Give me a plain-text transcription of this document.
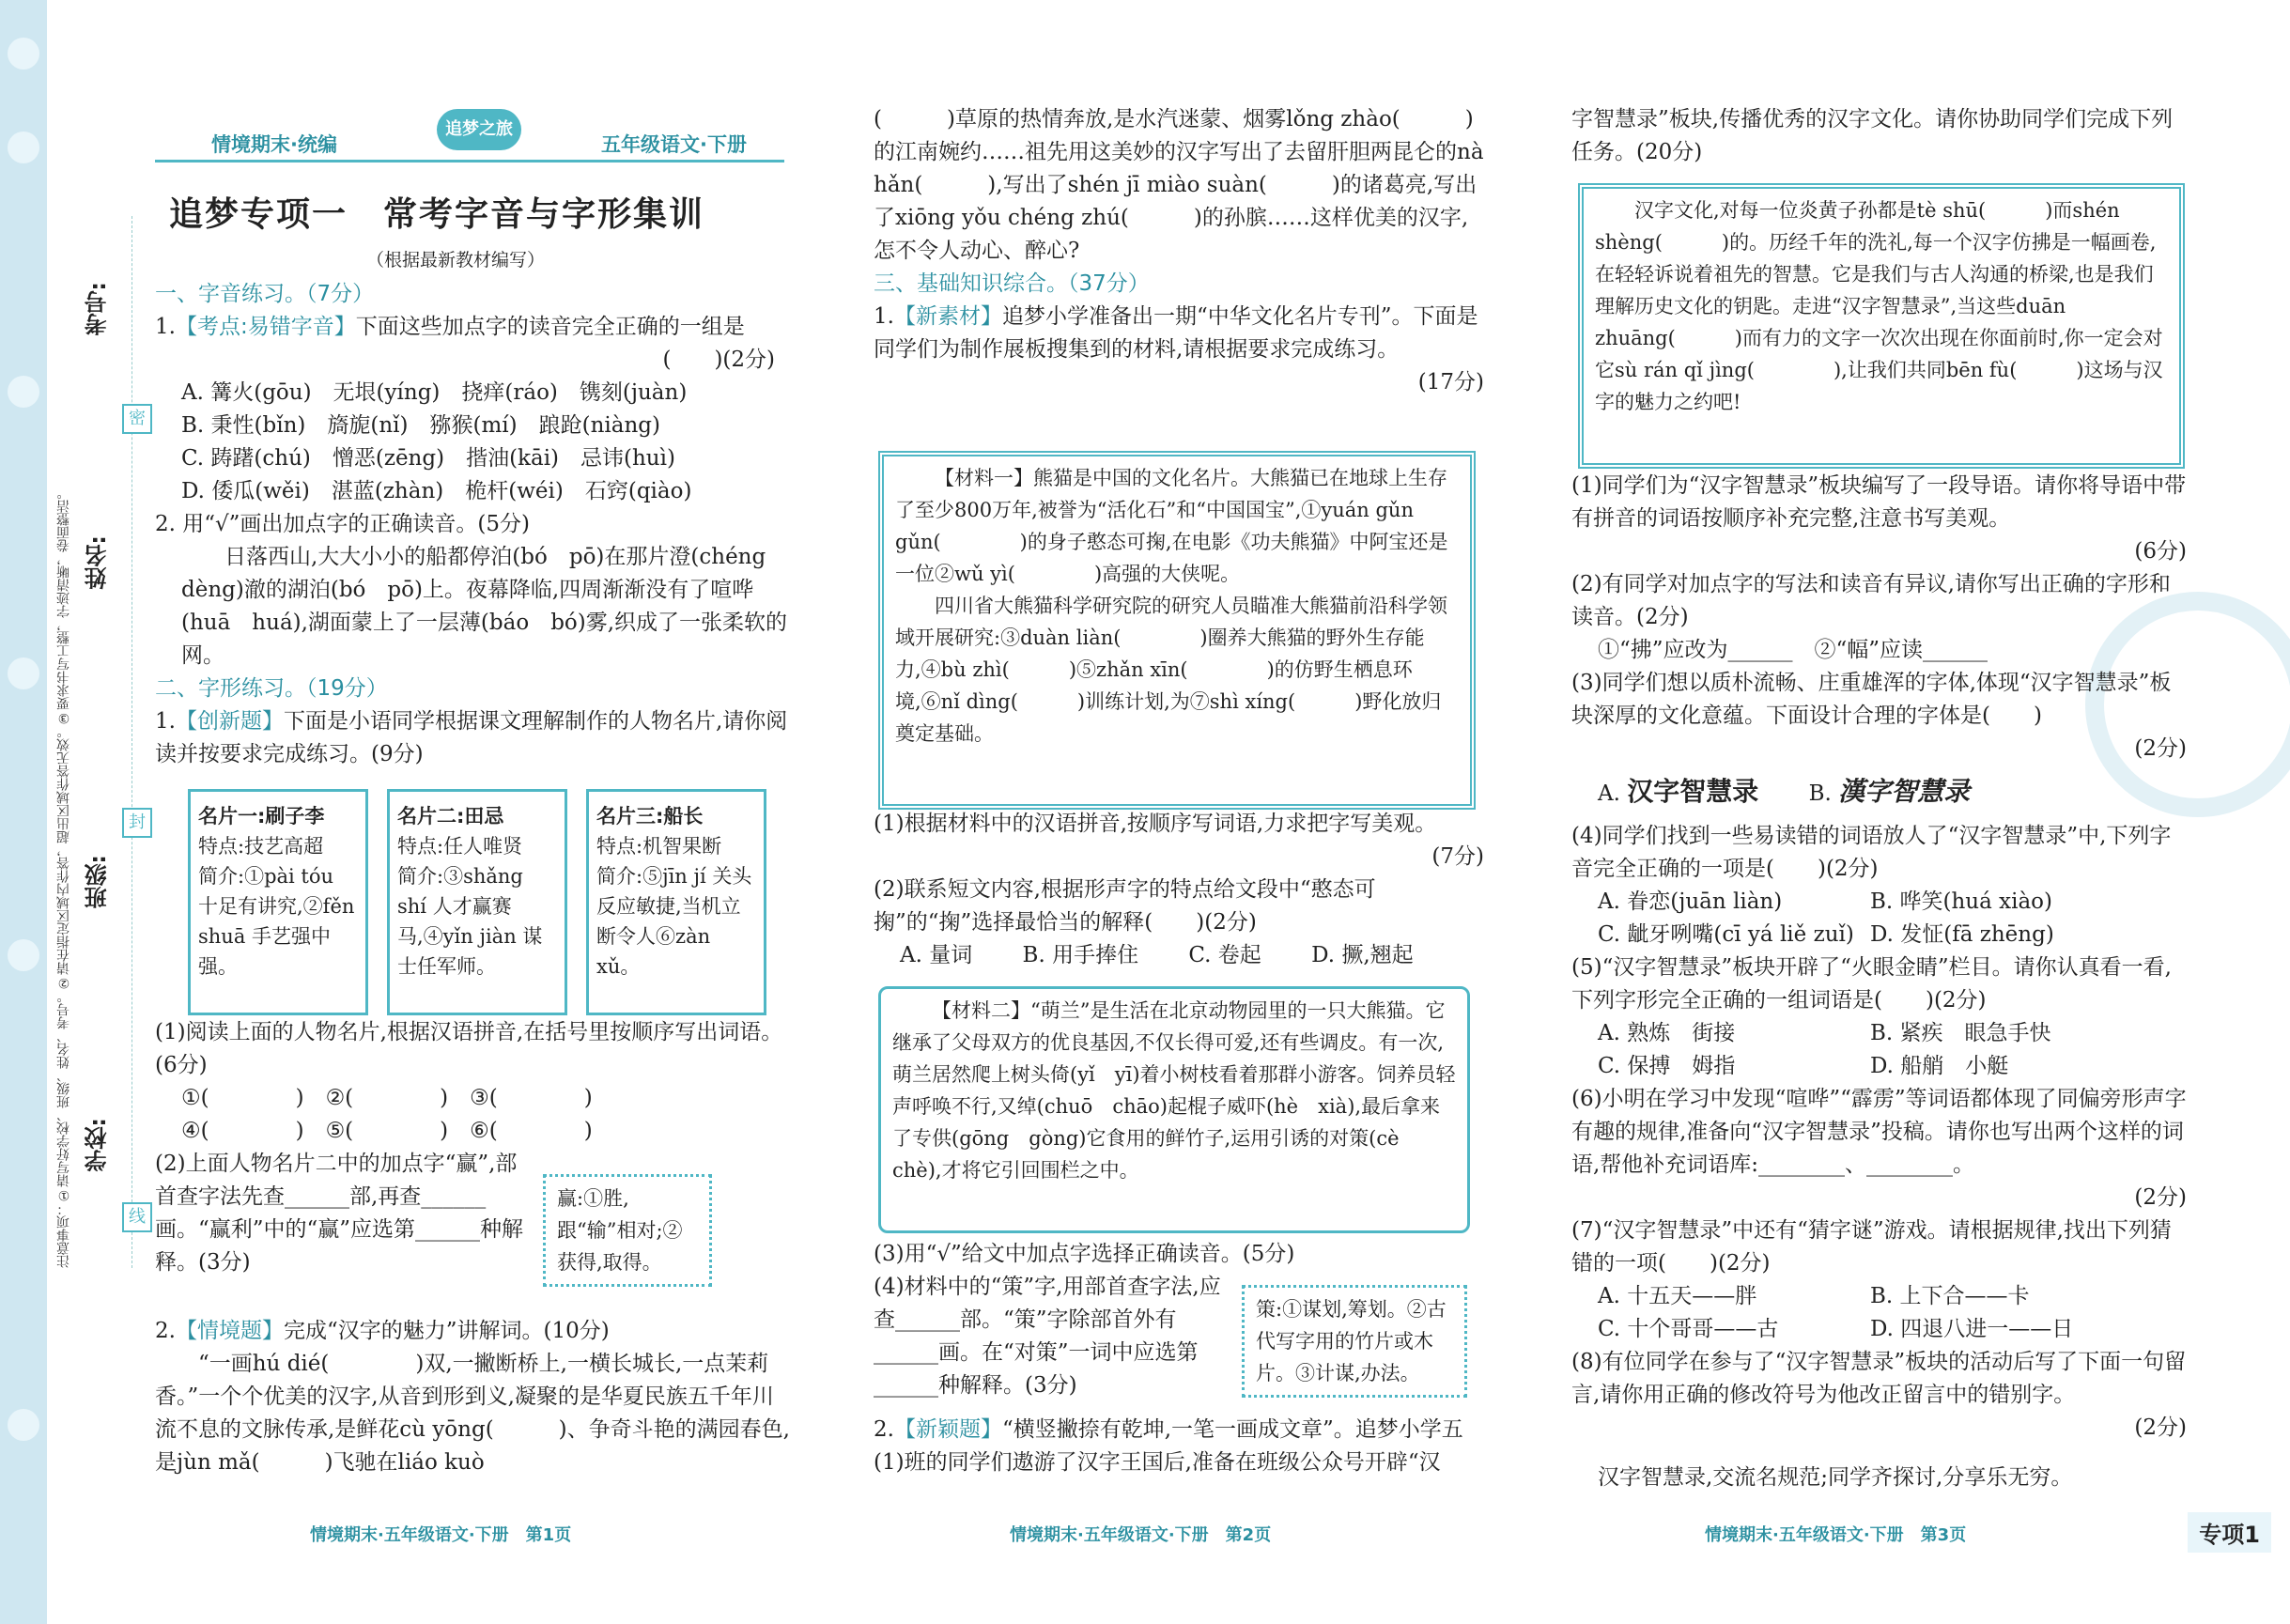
注意事项：①请写好学校、班级、姓名、考号。②请在指定区域内作答，超出区域作答无效。③要求书写工整，字迹清晰，卷面整洁。 学校:
班级:
姓名:
考号:
密
封
线
情境期末·统编
追梦之旅
五年级语文·下册
追梦专项一　常考字音与字形集训
（根据最新教材编写）

一、字音练习。（7分）

1.【考点:易错字音】下面这些加点字的读音完全正确的一组是

(　　)(2分)

A. 篝火(gōu)　无垠(yíng)　挠痒(ráo)　镌刻(juàn)

B. 秉性(bǐn)　旖旎(nǐ)　猕猴(mí)　踉跄(niàng)

C. 踌躇(chú)　憎恶(zēng)　揩油(kāi)　忌讳(huì)

D. 倭瓜(wěi)　湛蓝(zhàn)　桅杆(wéi)　石窍(qiào)

2. 用“√”画出加点字的正确读音。(5分)

日落西山,大大小小的船都停泊(bó　pō)在那片澄(chéng　dèng)澈的湖泊(bó　pō)上。夜幕降临,四周渐渐没有了喧哗(huā　huá),湖面蒙上了一层薄(báo　bó)雾,织成了一张柔软的网。

二、字形练习。（19分）

1.【创新题】下面是小语同学根据课文理解制作的人物名片,请你阅读并按要求完成练习。(9分)

名片一:刷子李
特点:技艺高超
简介:①pài tóu 十足有讲究,②fěn shuā 手艺强中强。
名片二:田忌
特点:任人唯贤
简介:③shǎng shí 人才赢赛马,④yǐn jiàn 谋士任军师。
名片三:船长
特点:机智果断
简介:⑤jīn jí 关头反应敏捷,当机立断令人⑥zàn xǔ。

(1)阅读上面的人物名片,根据汉语拼音,在括号里按顺序写出词语。(6分)

①(　　　　)　②(　　　　)　③(　　　　)

④(　　　　)　⑤(　　　　)　⑥(　　　　)

(2)上面人物名片二中的加点字“赢”,部首查字法先查______部,再查______画。“赢利”中的“赢”应选第______种解释。(3分)

赢:①胜,跟“输”相对;②获得,取得。

2.【情境题】完成“汉字的魅力”讲解词。(10分)

“一画hú dié(　　　　)双,一撇断桥上,一横长城长,一点茉莉香。”一个个优美的汉字,从音到形到义,凝聚的是华夏民族五千年川流不息的文脉传承,是鲜花cù yōng(　　　)、争奇斗艳的满园春色,是jùn mǎ(　　　)飞驰在liáo kuò

(　　　)草原的热情奔放,是水汽迷蒙、烟雾lǒng zhào(　　　)的江南婉约……祖先用这美妙的汉字写出了去留肝胆两昆仑的nà hǎn(　　　),写出了shén jī miào suàn(　　　)的诸葛亮,写出了xiōng yǒu chéng zhú(　　　)的孙膑……这样优美的汉字,怎不令人动心、醉心?

三、基础知识综合。（37分）

1.【新素材】追梦小学准备出一期“中华文化名片专刊”。下面是同学们为制作展板搜集到的材料,请根据要求完成练习。

(17分)

【材料一】熊猫是中国的文化名片。大熊猫已在地球上生存了至少800万年,被誉为“活化石”和“中国国宝”,①yuán gǔn gǔn(　　　　)的身子憨态可掬,在电影《功夫熊猫》中阿宝还是一位②wǔ yì(　　　　)高强的大侠呢。

四川省大熊猫科学研究院的研究人员瞄准大熊猫前沿科学领域开展研究:③duàn liàn(　　　　)圈养大熊猫的野外生存能力,④bù zhì(　　　)⑤zhǎn xīn(　　　　)的仿野生栖息环境,⑥nǐ dìng(　　　)训练计划,为⑦shì xíng(　　　)野化放归奠定基础。

(1)根据材料中的汉语拼音,按顺序写词语,力求把字写美观。

(7分)

(2)联系短文内容,根据形声字的特点给文段中“憨态可掬”的“掬”选择最恰当的解释(　　)(2分)

A. 量词　　 B. 用手捧住　　 C. 卷起　　 D. 撅,翘起

【材料二】“萌兰”是生活在北京动物园里的一只大熊猫。它继承了父母双方的优良基因,不仅长得可爱,还有些调皮。有一次,萌兰居然爬上树头倚(yǐ　yī)着小树枝看着那群小游客。饲养员轻声呼唤不行,又绰(chuō　chāo)起棍子威吓(hè　xià),最后拿来了专供(gōng　gòng)它食用的鲜竹子,运用引诱的对策(cè　chè),才将它引回围栏之中。

(3)用“√”给文中加点字选择正确读音。(5分)

(4)材料中的“策”字,用部首查字法,应查______部。“策”字除部首外有______画。在“对策”一词中应选第______种解释。(3分)

策:①谋划,筹划。②古代写字用的竹片或木片。③计谋,办法。

2.【新颖题】“横竖撇捺有乾坤,一笔一画成文章”。追梦小学五

(1)班的同学们遨游了汉字王国后,准备在班级公众号开辟“汉

字智慧录”板块,传播优秀的汉字文化。请你协助同学们完成下列任务。(20分)

汉字文化,对每一位炎黄子孙都是tè shū(　　　)而shén shèng(　　　)的。历经千年的洗礼,每一个汉字仿拂是一幅画卷,在轻轻诉说着祖先的智慧。它是我们与古人沟通的桥梁,也是我们理解历史文化的钥匙。走进“汉字智慧录”,当这些duān zhuāng(　　　)而有力的文字一次次出现在你面前时,你一定会对它sù rán qǐ jìng(　　　　),让我们共同bēn fù(　　　)这场与汉字的魅力之约吧!

(1)同学们为“汉字智慧录”板块编写了一段导语。请你将导语中带有拼音的词语按顺序补充完整,注意书写美观。

(6分)

(2)有同学对加点字的写法和读音有异议,请你写出正确的字形和读音。(2分)

①“拂”应改为______　②“幅”应读______

(3)同学们想以质朴流畅、庄重雄浑的字体,体现“汉字智慧录”板块深厚的文化意蕴。下面设计合理的字体是(　　)

(2分)

A. 汉字智慧录 　　 B. 漢字智慧录

(4)同学们找到一些易读错的词语放人了“汉字智慧录”中,下列字音完全正确的一项是(　　)(2分)

A. 眷恋(juān liàn)	B. 哗笑(huá xiào)

C. 龇牙咧嘴(cī yá liě zuǐ) D. 发怔(fā zhēng)

(5)“汉字智慧录”板块开辟了“火眼金睛”栏目。请你认真看一看,下列字形完全正确的一组词语是(　　)(2分)

A. 熟炼　街接	B. 紧疾　眼急手快

C. 保搏　姆指	D. 船艄　小艇

(6)小明在学习中发现“喧哗”“霹雳”等词语都体现了同偏旁形声字有趣的规律,准备向“汉字智慧录”投稿。请你也写出两个这样的词语,帮他补充词语库:________、________。

(2分)

(7)“汉字智慧录”中还有“猜字谜”游戏。请根据规律,找出下列猜错的一项(　　)(2分)

A. 十五天——胖	B. 上下合——卡

C. 十个哥哥——古	D. 四退八进一——日

(8)有位同学在参与了“汉字智慧录”板块的活动后写了下面一句留言,请你用正确的修改符号为他改正留言中的错别字。

(2分)

汉字智慧录,交流名规范;同学齐探讨,分享乐无穷。

情境期末·五年级语文·下册　第1页	情境期末·五年级语文·下册　第2页	情境期末·五年级语文·下册　第3页	专项1
